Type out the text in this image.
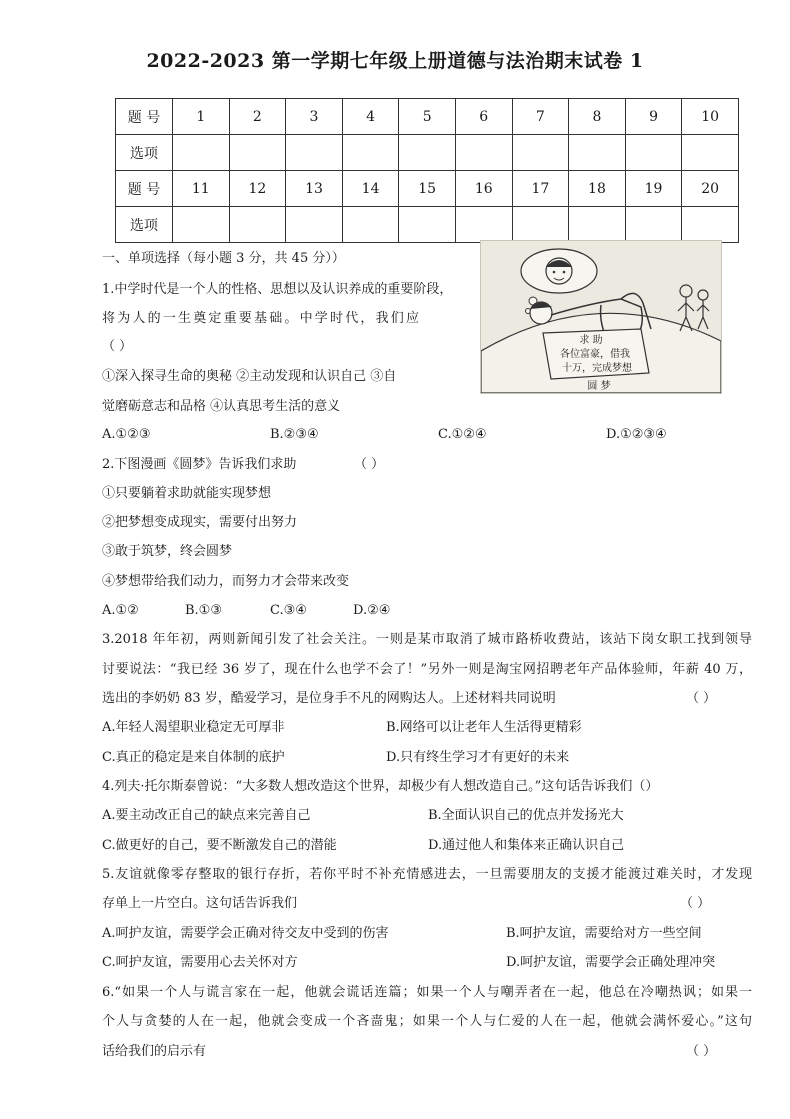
2022-2023 第一学期七年级上册道德与法治期末试卷 1
题 号	1	2	3	4	5	6	7	8	9	10
选项										
题 号	11	12	13	14	15	16	17	18	19	20
选项										
一、单项选择（每小题 3 分，共 45 分））
1.中学时代是一个人的性格、思想以及认识养成的重要阶段，
将为人的一生奠定重要基础。中学时代，我们应
（ ）
①深入探寻生命的奥秘 ②主动发现和认识自己 ③自
觉磨砺意志和品格 ④认真思考生活的意义
A.①②③	B.②③④	C.①②④	D.①②③④
求 助
各位富豪，借我
十万，完成梦想
圆 梦
2.下图漫画《圆梦》告诉我们求助	（ ）
①只要躺着求助就能实现梦想
②把梦想变成现实，需要付出努力
③敢于筑梦，终会圆梦
④梦想带给我们动力，而努力才会带来改变
A.①②	B.①③	C.③④	D.②④
3.2018 年年初，两则新闻引发了社会关注。一则是某市取消了城市路桥收费站，该站下岗女职工找到领导
讨要说法：“我已经 36 岁了，现在什么也学不会了！”另外一则是淘宝网招聘老年产品体验师，年薪 40 万，
选出的李奶奶 83 岁，酷爱学习，是位身手不凡的网购达人。上述材料共同说明	（ ）
A.年轻人渴望职业稳定无可厚非	B.网络可以让老年人生活得更精彩
C.真正的稳定是来自体制的底护	D.只有终生学习才有更好的未来
4.列夫·托尔斯泰曾说：“大多数人想改造这个世界，却极少有人想改造自己。”这句话告诉我们（）
A.要主动改正自己的缺点来完善自己	B.全面认识自己的优点并发扬光大
C.做更好的自己，要不断激发自己的潜能	D.通过他人和集体来正确认识自己
5.友谊就像零存整取的银行存折，若你平时不补充情感进去，一旦需要朋友的支援才能渡过难关时，才发现
存单上一片空白。这句话告诉我们	（ ）
A.呵护友谊，需要学会正确对待交友中受到的伤害	B.呵护友谊，需要给对方一些空间
C.呵护友谊，需要用心去关怀对方	D.呵护友谊，需要学会正确处理冲突
6.“如果一个人与谎言家在一起，他就会谎话连篇；如果一个人与嘲弄者在一起，他总在冷嘲热讽；如果一
个人与贪婪的人在一起，他就会变成一个吝啬鬼；如果一个人与仁爱的人在一起，他就会满怀爱心。”这句
话给我们的启示有	（ ）
